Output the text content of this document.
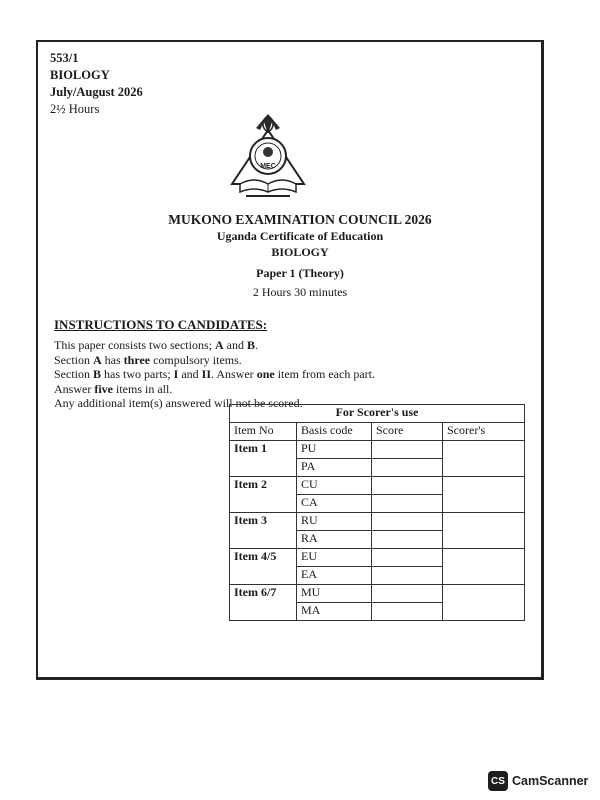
553/1
BIOLOGY
July/August 2026
2½ Hours
MEC
MUKONO EXAMINATION COUNCIL 2026
Uganda Certificate of Education
BIOLOGY
Paper 1 (Theory)
2 Hours 30 minutes
INSTRUCTIONS TO CANDIDATES:
This paper consists two sections; A and B.
Section A has three compulsory items.
Section B has two parts; I and II. Answer one item from each part.
Answer five items in all.
Any additional item(s) answered will not be scored.
For Scorer's use			
Item No	Basis code	Score	Scorer's
Item 1	PU		
	PA		
Item 2	CU		
	CA		
Item 3	RU		
	RA		
Item 4/5	EU		
	EA		
Item 6/7	MU		
	MA		
CS CamScanner
